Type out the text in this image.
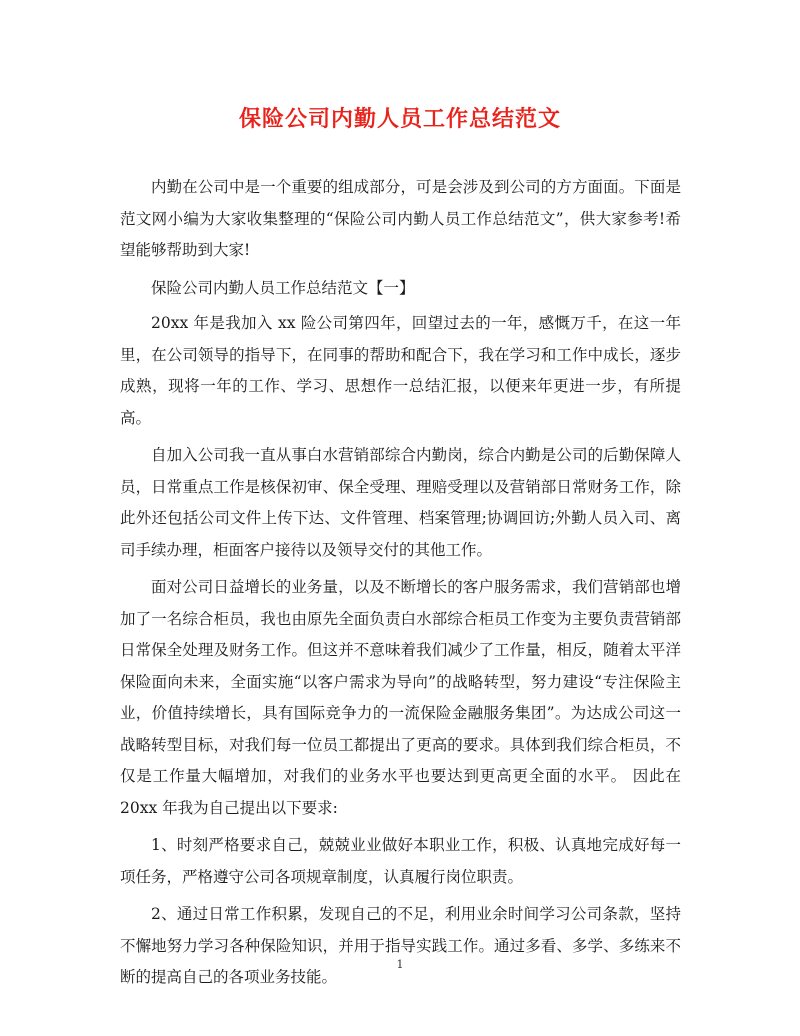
保险公司内勤人员工作总结范文

内勤在公司中是一个重要的组成部分，可是会涉及到公司的方方面面。下面是范文网小编为大家收集整理的“保险公司内勤人员工作总结范文”，供大家参考!希望能够帮助到大家!

保险公司内勤人员工作总结范文【一】

20xx 年是我加入 xx 险公司第四年，回望过去的一年，感慨万千，在这一年里，在公司领导的指导下，在同事的帮助和配合下，我在学习和工作中成长，逐步成熟，现将一年的工作、学习、思想作一总结汇报，以便来年更进一步，有所提高。

自加入公司我一直从事白水营销部综合内勤岗，综合内勤是公司的后勤保障人员，日常重点工作是核保初审、保全受理、理赔受理以及营销部日常财务工作，除此外还包括公司文件上传下达、文件管理、档案管理;协调回访;外勤人员入司、离司手续办理，柜面客户接待以及领导交付的其他工作。

面对公司日益增长的业务量，以及不断增长的客户服务需求，我们营销部也增加了一名综合柜员，我也由原先全面负责白水部综合柜员工作变为主要负责营销部日常保全处理及财务工作。但这并不意味着我们减少了工作量，相反，随着太平洋保险面向未来，全面实施“以客户需求为导向”的战略转型，努力建设“专注保险主业，价值持续增长，具有国际竞争力的一流保险金融服务集团”。为达成公司这一战略转型目标，对我们每一位员工都提出了更高的要求。具体到我们综合柜员，不仅是工作量大幅增加，对我们的业务水平也要达到更高更全面的水平。 因此在 20xx 年我为自己提出以下要求:

1、时刻严格要求自己，兢兢业业做好本职业工作，积极、认真地完成好每一项任务，严格遵守公司各项规章制度，认真履行岗位职责。

2、通过日常工作积累，发现自己的不足，利用业余时间学习公司条款，坚持不懈地努力学习各种保险知识，并用于指导实践工作。通过多看、多学、多练来不断的提高自己的各项业务技能。

1
